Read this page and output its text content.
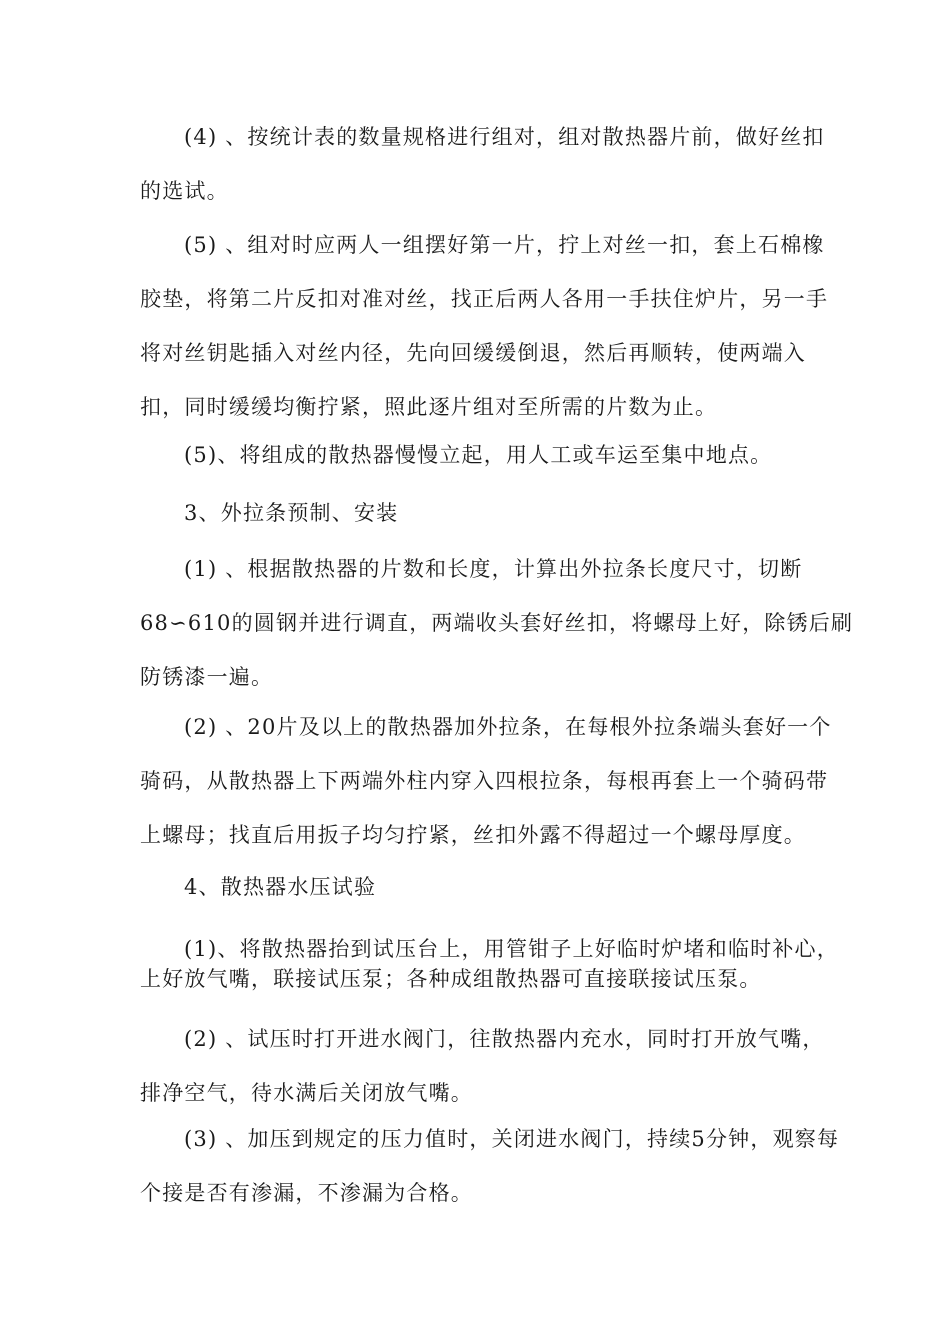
(4) 、按统计表的数量规格进行组对，组对散热器片前，做好丝扣
的选试。
(5) 、组对时应两人一组摆好第一片，拧上对丝一扣，套上石棉橡
胶垫，将第二片反扣对准对丝，找正后两人各用一手扶住炉片，另一手
将对丝钥匙插入对丝内径，先向回缓缓倒退，然后再顺转，使两端入
扣，同时缓缓均衡拧紧，照此逐片组对至所需的片数为止。
(5)、将组成的散热器慢慢立起，用人工或车运至集中地点。
3、外拉条预制、安装
(1) 、根据散热器的片数和长度，计算出外拉条长度尺寸，切断
68∽610的圆钢并进行调直，两端收头套好丝扣，将螺母上好，除锈后刷
防锈漆一遍。
(2) 、20片及以上的散热器加外拉条，在每根外拉条端头套好一个
骑码，从散热器上下两端外柱内穿入四根拉条，每根再套上一个骑码带
上螺母；找直后用扳子均匀拧紧，丝扣外露不得超过一个螺母厚度。
4、散热器水压试验
(1)、将散热器抬到试压台上，用管钳子上好临时炉堵和临时补心，
上好放气嘴，联接试压泵；各种成组散热器可直接联接试压泵。
(2) 、试压时打开进水阀门，往散热器内充水，同时打开放气嘴，
排净空气，待水满后关闭放气嘴。
(3) 、加压到规定的压力值时，关闭进水阀门，持续5分钟，观察每
个接是否有渗漏，不渗漏为合格。
